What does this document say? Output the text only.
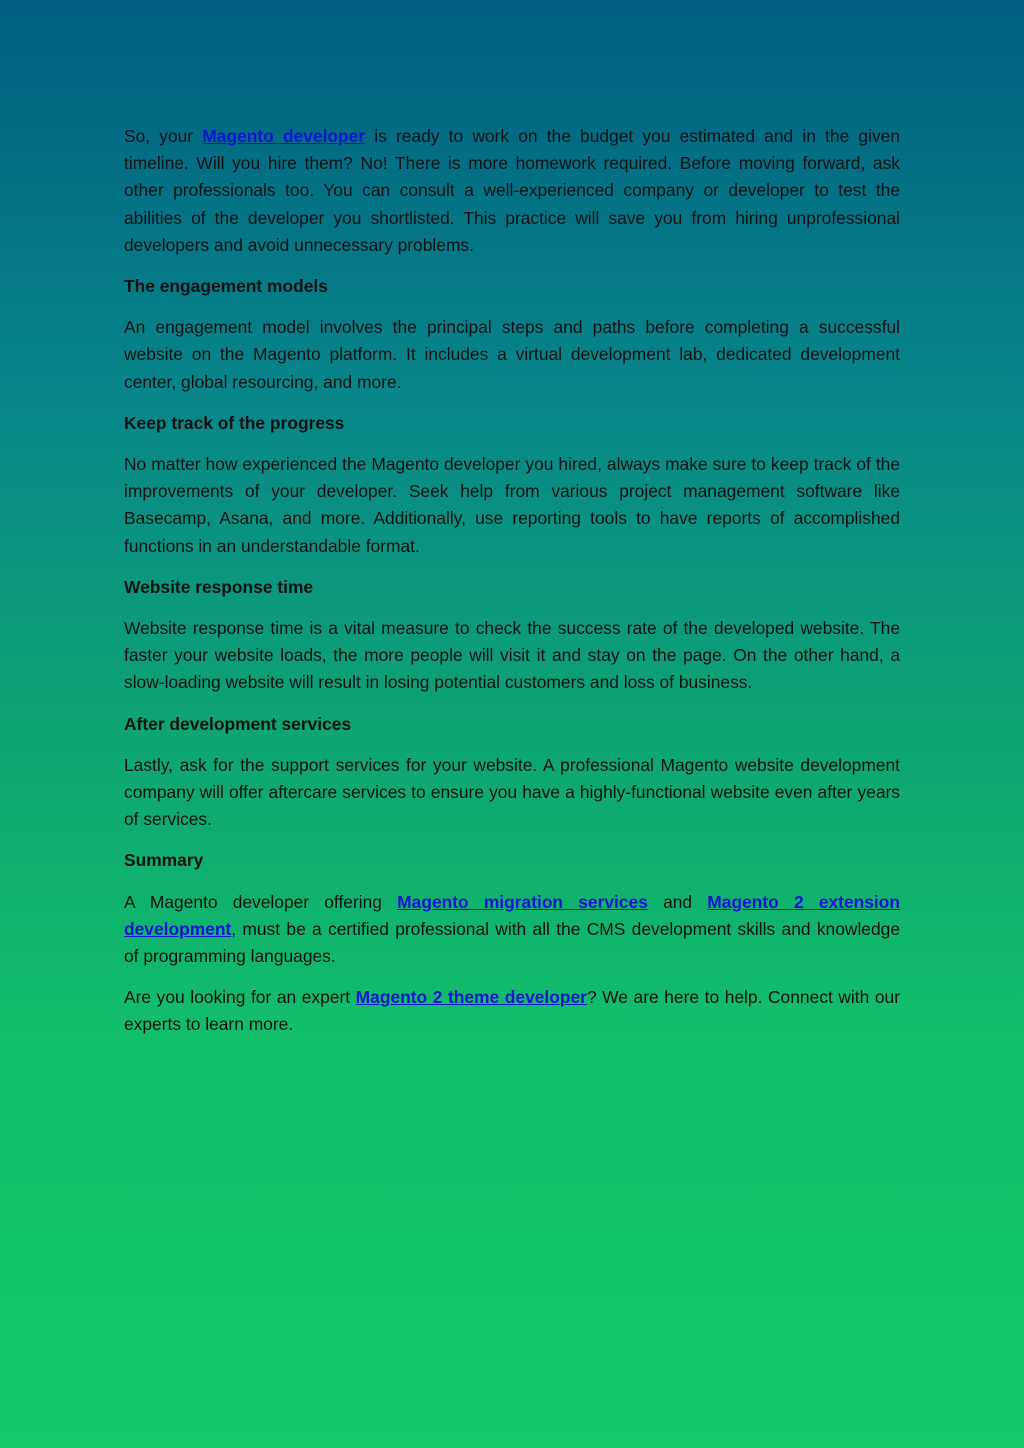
So, your Magento developer is ready to work on the budget you estimated and in the given timeline. Will you hire them? No! There is more homework required. Before moving forward, ask other professionals too. You can consult a well-experienced company or developer to test the abilities of the developer you shortlisted. This practice will save you from hiring unprofessional developers and avoid unnecessary problems.

The engagement models

An engagement model involves the principal steps and paths before completing a successful website on the Magento platform. It includes a virtual development lab, dedicated development center, global resourcing, and more.

Keep track of the progress

No matter how experienced the Magento developer you hired, always make sure to keep track of the improvements of your developer. Seek help from various project management software like Basecamp, Asana, and more. Additionally, use reporting tools to have reports of accomplished functions in an understandable format.

Website response time

Website response time is a vital measure to check the success rate of the developed website. The faster your website loads, the more people will visit it and stay on the page. On the other hand, a slow-loading website will result in losing potential customers and loss of business.

After development services

Lastly, ask for the support services for your website. A professional Magento website development company will offer aftercare services to ensure you have a highly-functional website even after years of services.

Summary

A Magento developer offering Magento migration services and Magento 2 extension development, must be a certified professional with all the CMS development skills and knowledge of programming languages.

Are you looking for an expert Magento 2 theme developer? We are here to help. Connect with our experts to learn more.
